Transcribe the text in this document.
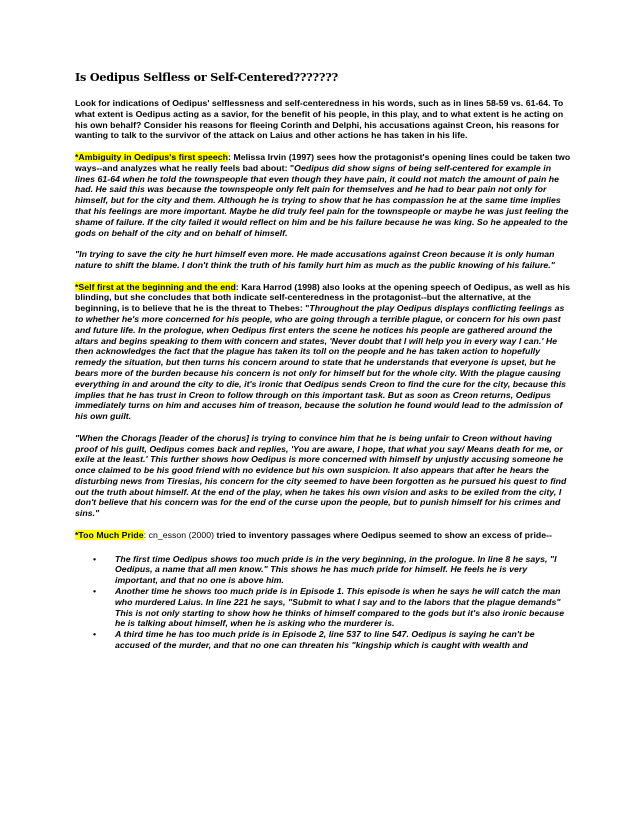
Is Oedipus Selfless or Self-Centered???????

Look for indications of Oedipus' selflessness and self-centeredness in his words, such as in lines 58-59 vs. 61-64. To what extent is Oedipus acting as a savior, for the benefit of his people, in this play, and to what extent is he acting on his own behalf? Consider his reasons for fleeing Corinth and Delphi, his accusations against Creon, his reasons for wanting to talk to the survivor of the attack on Laius and other actions he has taken in his life.

*Ambiguity in Oedipus's first speech: Melissa Irvin (1997) sees how the protagonist's opening lines could be taken two ways--and analyzes what he really feels bad about: "Oedipus did show signs of being self-centered for example in lines 61-64 when he told the townspeople that even though they have pain, it could not match the amount of pain he had. He said this was because the townspeople only felt pain for themselves and he had to bear pain not only for himself, but for the city and them. Although he is trying to show that he has compassion he at the same time implies that his feelings are more important. Maybe he did truly feel pain for the townspeople or maybe he was just feeling the shame of failure. If the city failed it would reflect on him and be his failure because he was king. So he appealed to the gods on behalf of the city and on behalf of himself.

"In trying to save the city he hurt himself even more. He made accusations against Creon because it is only human nature to shift the blame. I don't think the truth of his family hurt him as much as the public knowing of his failure."

*Self first at the beginning and the end: Kara Harrod (1998) also looks at the opening speech of Oedipus, as well as his blinding, but she concludes that both indicate self-centeredness in the protagonist--but the alternative, at the beginning, is to believe that he is the threat to Thebes: "Throughout the play Oedipus displays conflicting feelings as to whether he's more concerned for his people, who are going through a terrible plague, or concern for his own past and future life. In the prologue, when Oedipus first enters the scene he notices his people are gathered around the altars and begins speaking to them with concern and states, 'Never doubt that I will help you in every way I can.' He then acknowledges the fact that the plague has taken its toll on the people and he has taken action to hopefully remedy the situation, but then turns his concern around to state that he understands that everyone is upset, but he bears more of the burden because his concern is not only for himself but for the whole city. With the plague causing everything in and around the city to die, it's ironic that Oedipus sends Creon to find the cure for the city, because this implies that he has trust in Creon to follow through on this important task. But as soon as Creon returns, Oedipus immediately turns on him and accuses him of treason, because the solution he found would lead to the admission of his own guilt.

"When the Chorags [leader of the chorus] is trying to convince him that he is being unfair to Creon without having proof of his guilt, Oedipus comes back and replies, 'You are aware, I hope, that what you say/ Means death for me, or exile at the least.' This further shows how Oedipus is more concerned with himself by unjustly accusing someone he once claimed to be his good friend with no evidence but his own suspicion. It also appears that after he hears the disturbing news from Tiresias, his concern for the city seemed to have been forgotten as he pursued his quest to find out the truth about himself. At the end of the play, when he takes his own vision and asks to be exiled from the city, I don't believe that his concern was for the end of the curse upon the people, but to punish himself for his crimes and sins."

*Too Much Pride: cn_esson (2000) tried to inventory passages where Oedipus seemed to show an excess of pride--

• The first time Oedipus shows too much pride is in the very beginning, in the prologue. In line 8 he says, "I Oedipus, a name that all men know." This shows he has much pride for himself. He feels he is very important, and that no one is above him.
• Another time he shows too much pride is in Episode 1. This episode is when he says he will catch the man who murdered Laius. In line 221 he says, "Submit to what I say and to the labors that the plague demands" This is not only starting to show how he thinks of himself compared to the gods but it's also ironic because he is talking about himself, when he is asking who the murderer is.
• A third time he has too much pride is in Episode 2, line 537 to line 547. Oedipus is saying he can't be accused of the murder, and that no one can threaten his "kingship which is caught with wealth and
